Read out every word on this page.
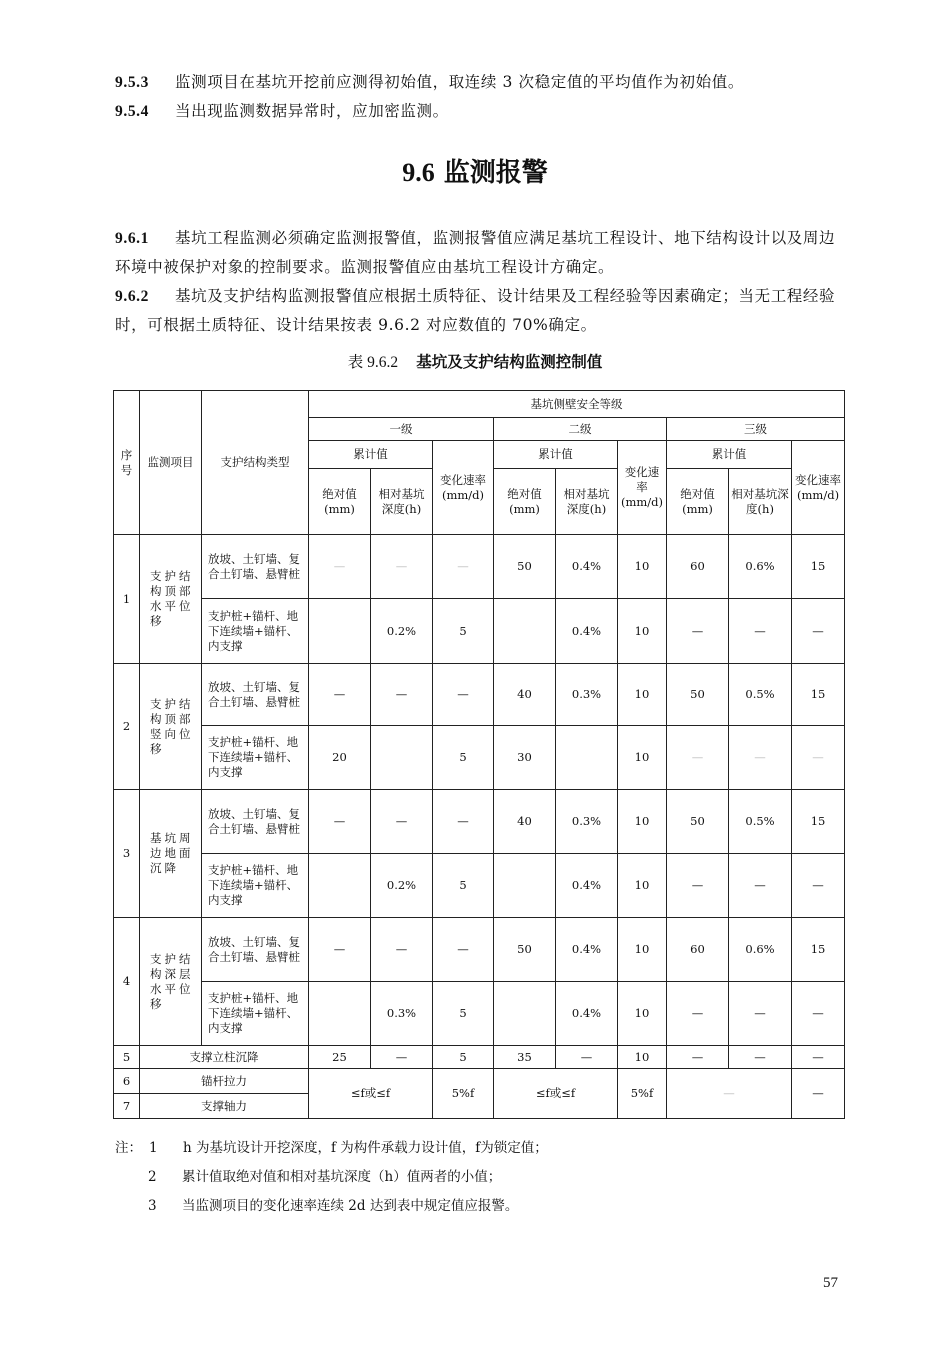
9.5.3 监测项目在基坑开挖前应测得初始值，取连续 3 次稳定值的平均值作为初始值。
9.5.4 当出现监测数据异常时，应加密监测。
9.6 监测报警
9.6.1 基坑工程监测必须确定监测报警值，监测报警值应满足基坑工程设计、地下结构设计以及周边环境中被保护对象的控制要求。监测报警值应由基坑工程设计方确定。
9.6.2 基坑及支护结构监测报警值应根据土质特征、设计结果及工程经验等因素确定；当无工程经验时，可根据土质特征、设计结果按表 9.6.2 对应数值的 70%确定。
表 9.6.2 基坑及支护结构监测控制值
序号	监测项目	支护结构类型	基坑侧壁安全等级								
			一级			二级			三级		
			累计值		变化速率(mm/d)	累计值		变化速率(mm/d)	累计值		变化速率(mm/d)
			绝对值(mm)	相对基坑深度(h)		绝对值(mm)	相对基坑深度(h)		绝对值(mm)	相对基坑深度(h)	
1	支护结构顶部水平位移	放坡、土钉墙、复合土钉墙、悬臂桩	—	—	—	50	0.4%	10	60	0.6%	15
		支护桩+锚杆、地下连续墙+锚杆、内支撑		0.2%	5		0.4%	10	—	—	—
2	支护结构顶部竖向位移	放坡、土钉墙、复合土钉墙、悬臂桩	—	—	—	40	0.3%	10	50	0.5%	15
		支护桩+锚杆、地下连续墙+锚杆、内支撑	20		5	30		10	—	—	—
3	基坑周边地面沉降	放坡、土钉墙、复合土钉墙、悬臂桩	—	—	—	40	0.3%	10	50	0.5%	15
		支护桩+锚杆、地下连续墙+锚杆、内支撑		0.2%	5		0.4%	10	—	—	—
4	支护结构深层水平位移	放坡、土钉墙、复合土钉墙、悬臂桩	—	—	—	50	0.4%	10	60	0.6%	15
		支护桩+锚杆、地下连续墙+锚杆、内支撑		0.3%	5		0.4%	10	—	—	—
5	支撑立柱沉降		25	—	5	35	—	10	—	—	—
6	锚杆拉力		≤f或≤f		5%f	≤f或≤f		5%f	—		—
7	支撑轴力										
注： 1 h 为基坑设计开挖深度，f 为构件承载力设计值，f为锁定值；
2 累计值取绝对值和相对基坑深度（h）值两者的小值；
3 当监测项目的变化速率连续 2d 达到表中规定值应报警。
57
